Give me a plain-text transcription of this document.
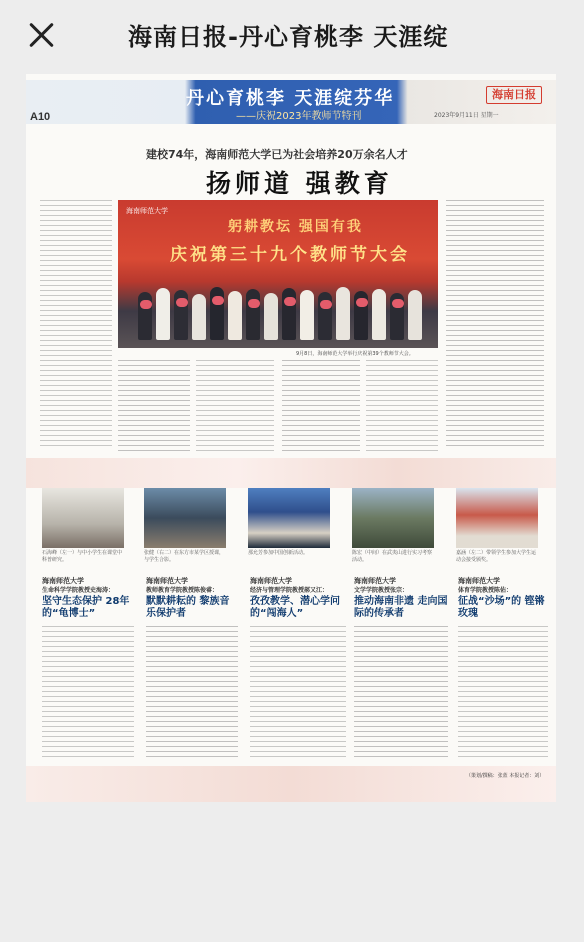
海南日报-丹心育桃李 天涯绽
A10
丹心育桃李 天涯绽芬华
——庆祝2023年教师节特刊
海南日报
2023年9月11日 星期一
建校74年，海南师范大学已为社会培养20万余名人才
扬师道 强教育
海南师范大学
躬耕教坛 强国有我
庆祝第三十九个教师节大会
9月8日，海南师范大学举行庆祝第39个教师节大会。
石海峰（左一）与中小学生在课堂中科普研究。
张健（右二）在东方市某学区授课，与学生合影。
那允芳参加中国创新活动。	陈宏（中间）在武夷山进行实习考察活动。
嘉涵（左二）带领学生参加大学生运动会接受颁奖。
海南师范大学
生命科学学院教授史海涛：
坚守生态保护 28年的“龟博士”
海南师范大学
教师教育学院教授陈俊睿：
默默耕耘的 黎族音乐保护者
海南师范大学
经济与管理学院教授郝又江：
孜孜教学、潜心学问 的“闯海人”
海南师范大学
文学学院教授张宗：
推动海南非遗 走向国际的传承者
海南师范大学
体育学院教授陈佑：
征战“沙场”的 铿锵玫瑰
（策划/撰稿：张蓝 本报记者：刘）
